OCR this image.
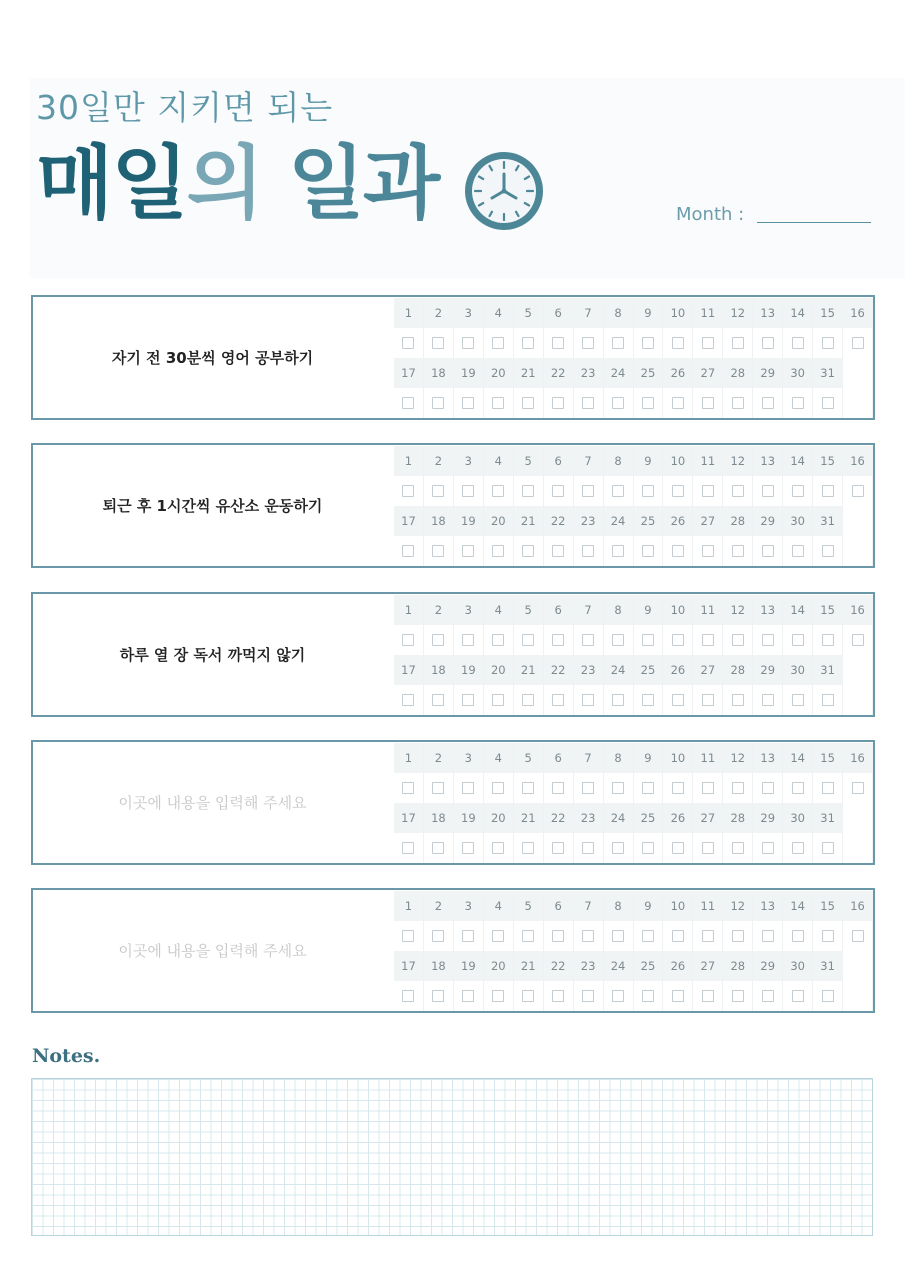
30일만 지키면 되는
매일의 일과	Month :
자기 전 30분씩 영어 공부하기
1	2	3	4	5	6	7	8	9	10	11	12	13	14	15	16
17	18	19	20	21	22	23	24	25	26	27	28	29	30	31
퇴근 후 1시간씩 유산소 운동하기
1	2	3	4	5	6	7	8	9	10	11	12	13	14	15	16
17	18	19	20	21	22	23	24	25	26	27	28	29	30	31
하루 열 장 독서 까먹지 않기
1	2	3	4	5	6	7	8	9	10	11	12	13	14	15	16
17	18	19	20	21	22	23	24	25	26	27	28	29	30	31
이곳에 내용을 입력해 주세요
1	2	3	4	5	6	7	8	9	10	11	12	13	14	15	16
17	18	19	20	21	22	23	24	25	26	27	28	29	30	31
이곳에 내용을 입력해 주세요
1	2	3	4	5	6	7	8	9	10	11	12	13	14	15	16
17	18	19	20	21	22	23	24	25	26	27	28	29	30	31
Notes.
